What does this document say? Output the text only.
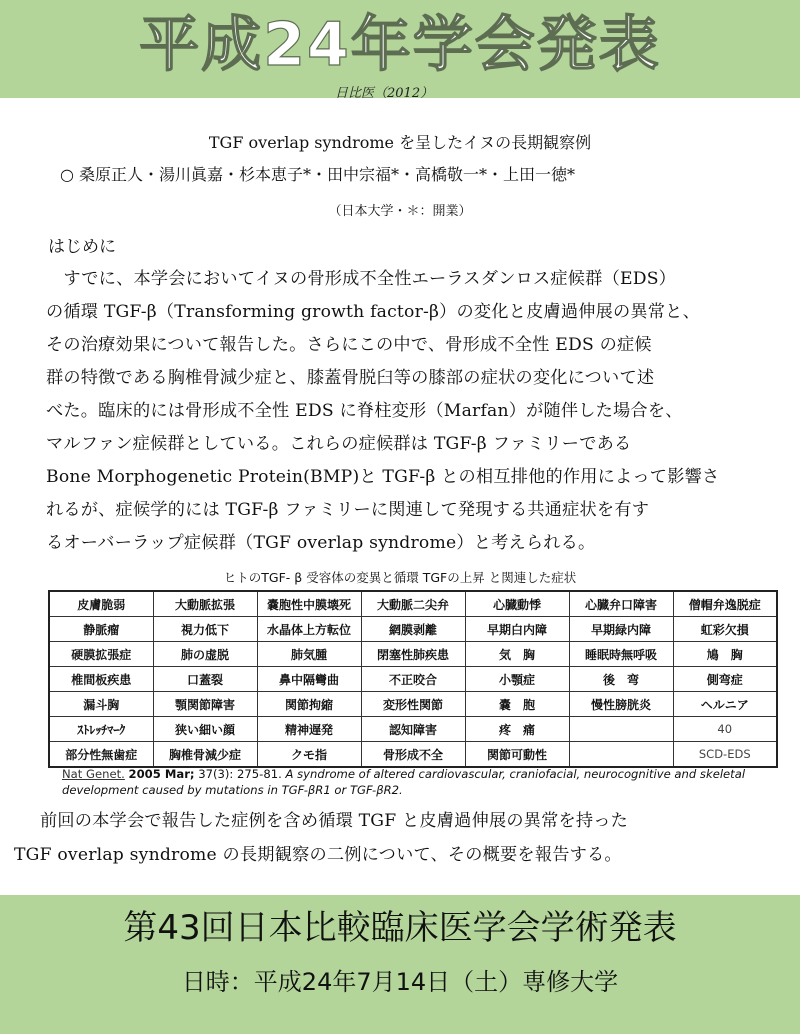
平成24年学会発表
日比医（2012）
TGF overlap syndrome を呈したイヌの長期観察例
○ 桑原正人・湯川眞嘉・杉本恵子*・田中宗福*・高橋敬一*・上田一徳*
（日本大学・＊：開業）
はじめに
　すでに、本学会においてイヌの骨形成不全性エーラスダンロス症候群（EDS）
の循環 TGF-β（Transforming growth factor-β）の変化と皮膚過伸展の異常と、
その治療効果について報告した。さらにこの中で、骨形成不全性 EDS の症候
群の特徴である胸椎骨減少症と、膝蓋骨脱臼等の膝部の症状の変化について述
べた。臨床的には骨形成不全性 EDS に脊柱変形（Marfan）が随伴した場合を、
マルファン症候群としている。これらの症候群は TGF-β ファミリーである
Bone Morphogenetic Protein(BMP)と TGF-β との相互排他的作用によって影響さ
れるが、症候学的には TGF-β ファミリーに関連して発現する共通症状を有す
るオーバーラップ症候群（TGF overlap syndrome）と考えられる。
ヒトのTGF- β 受容体の変異と循環 TGFの上昇 と関連した症状
皮膚脆弱	大動脈拡張	嚢胞性中膜壊死	大動脈二尖弁	心臓動悸	心臓弁口障害	僧帽弁逸脱症
静脈瘤	視力低下	水晶体上方転位	網膜剥離	早期白内障	早期緑内障	虹彩欠損
硬膜拡張症	肺の虚脱	肺気腫	閉塞性肺疾患	気　胸	睡眠時無呼吸	鳩　胸
椎間板疾患	口蓋裂	鼻中隔彎曲	不正咬合	小顎症	後　弯	側弯症
漏斗胸	顎関節障害	関節拘縮	変形性関節	嚢　胞	慢性膀胱炎	ヘルニア
ｽﾄﾚｯﾁﾏｰｸ	狭い細い顔	精神遅発	認知障害	疼　痛		40
部分性無歯症	胸椎骨減少症	クモ指	骨形成不全	関節可動性		SCD-EDS
Nat Genet. 2005 Mar; 37(3): 275-81. A syndrome of altered cardiovascular, craniofacial, neurocognitive and skeletal development caused by mutations in TGF-βR1 or TGF-βR2.
前回の本学会で報告した症例を含め循環 TGF と皮膚過伸展の異常を持った
TGF overlap syndrome の長期観察の二例について、その概要を報告する。
第43回日本比較臨床医学会学術発表
日時：平成24年7月14日（土）専修大学
